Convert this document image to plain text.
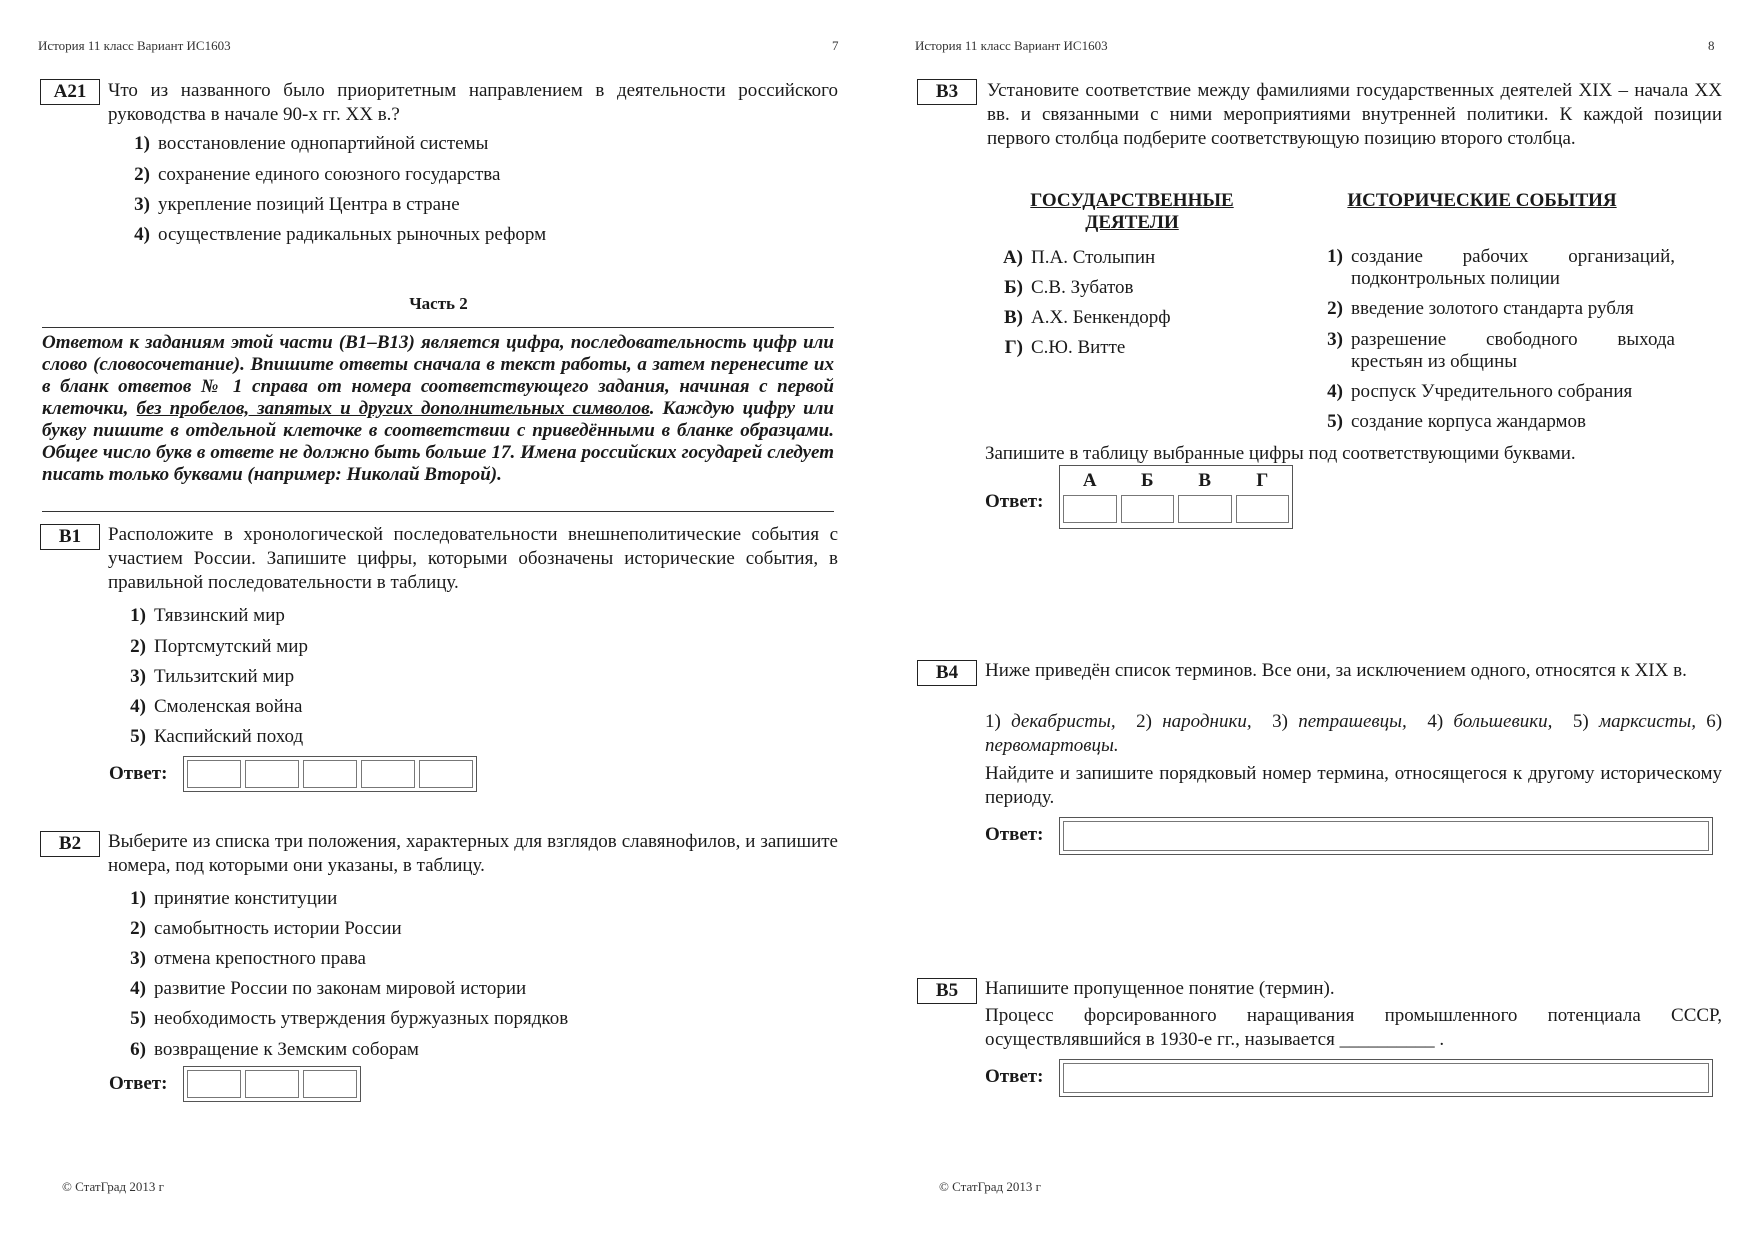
История 11 класс Вариант ИС1603	7
А21	Что из названного было приоритетным направлением в деятельности российского руководства в начале 90-х гг. XX в.?
1) восстановление однопартийной системы
2) сохранение единого союзного государства
3) укрепление позиций Центра в стране
4) осуществление радикальных рыночных реформ
Часть 2
Ответом к заданиям этой части (В1–В13) является цифра, последовательность цифр или слово (словосочетание). Впишите ответы сначала в текст работы, а затем перенесите их в бланк ответов № 1 справа от номера соответствующего задания, начиная с первой клеточки, без пробелов, запятых и других дополнительных символов. Каждую цифру или букву пишите в отдельной клеточке в соответствии с приведёнными в бланке образцами. Общее число букв в ответе не должно быть больше 17. Имена российских государей следует писать только буквами (например: Николай Второй).
В1	Расположите в хронологической последовательности внешнеполитические события с участием России. Запишите цифры, которыми обозначены исторические события, в правильной последовательности в таблицу.
1) Тявзинский мир
2) Портсмутский мир
3) Тильзитский мир
4) Смоленская война
5) Каспийский поход
Ответ:
В2	Выберите из списка три положения, характерных для взглядов славянофилов, и запишите номера, под которыми они указаны, в таблицу.
1) принятие конституции
2) самобытность истории России
3) отмена крепостного права
4) развитие России по законам мировой истории
5) необходимость утверждения буржуазных порядков
6) возвращение к Земским соборам
Ответ:
© СтатГрад 2013 г
История 11 класс Вариант ИС1603	8
В3	Установите соответствие между фамилиями государственных деятелей XIX – начала XX вв. и связанными с ними мероприятиями внутренней политики. К каждой позиции первого столбца подберите соответствующую позицию второго столбца.
ГОСУДАРСТВЕННЫЕ ДЕЯТЕЛИ
ИСТОРИЧЕСКИЕ СОБЫТИЯ
А) П.А. Столыпин
Б) С.В. Зубатов
В) А.Х. Бенкендорф
Г) С.Ю. Витте
1) создание рабочих организаций, подконтрольных полиции
2) введение золотого стандарта рубля
3) разрешение свободного выхода крестьян из общины
4) роспуск Учредительного собрания
5) создание корпуса жандармов
Запишите в таблицу выбранные цифры под соответствующими буквами.
Ответ:
А	Б	В	Г
В4	Ниже приведён список терминов. Все они, за исключением одного, относятся к XIX в.
1) декабристы, 2) народники, 3) петрашевцы, 4) большевики, 5) марксисты, 6) первомартовцы.
Найдите и запишите порядковый номер термина, относящегося к другому историческому периоду.
Ответ:
В5	Напишите пропущенное понятие (термин).
Процесс форсированного наращивания промышленного потенциала СССР, осуществлявшийся в 1930-е гг., называется __________ .
Ответ:
© СтатГрад 2013 г
